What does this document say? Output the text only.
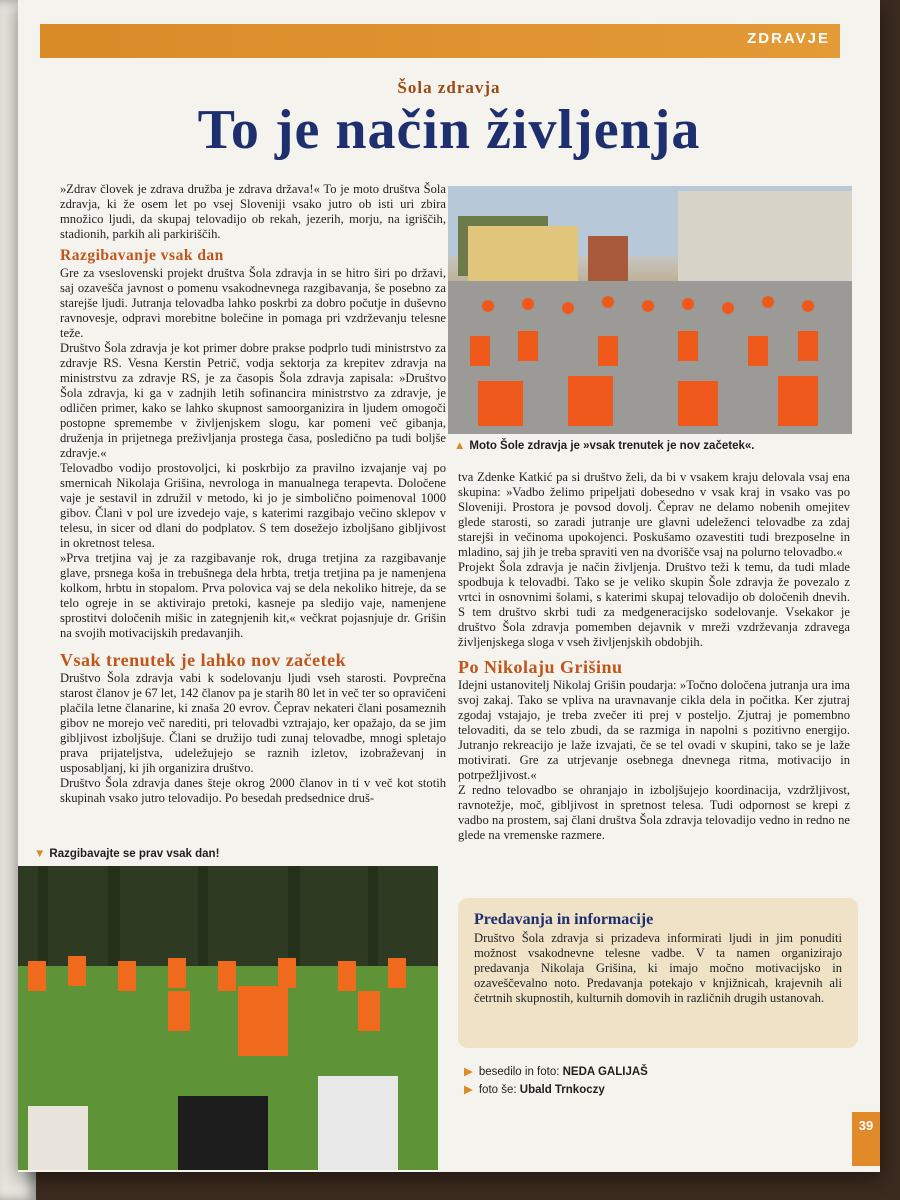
ZDRAVJE
Šola zdravja
To je način življenja

»Zdrav človek je zdrava družba je zdrava država!« To je moto društva Šola zdravja, ki že osem let po vsej Sloveniji vsako jutro ob isti uri zbira množico ljudi, da skupaj telovadijo ob rekah, jezerih, morju, na igriščih, stadionih, parkih ali parkiriščih.

Razgibavanje vsak dan

Gre za vseslovenski projekt društva Šola zdravja in se hitro širi po državi, saj ozavešča javnost o pomenu vsakodnevnega razgibavanja, še posebno za starejše ljudi. Jutranja telovadba lahko poskrbi za dobro počutje in duševno ravnovesje, odpravi morebitne bolečine in pomaga pri vzdrževanju telesne teže.

Društvo Šola zdravja je kot primer dobre prakse podprlo tudi ministrstvo za zdravje RS. Vesna Kerstin Petrič, vodja sektorja za krepitev zdravja na ministrstvu za zdravje RS, je za časopis Šola zdravja zapisala: »Društvo Šola zdravja, ki ga v zadnjih letih sofinancira ministrstvo za zdravje, je odličen primer, kako se lahko skupnost samoorganizira in ljudem omogoči postopne spremembe v življenjskem slogu, kar pomeni več gibanja, druženja in prijetnega preživljanja prostega časa, posledično pa tudi boljše zdravje.«

Telovadbo vodijo prostovoljci, ki poskrbijo za pravilno izvajanje vaj po smernicah Nikolaja Grišina, nevrologa in manualnega terapevta. Določene vaje je sestavil in združil v metodo, ki jo je simbolično poimenoval 1000 gibov. Člani v pol ure izvedejo vaje, s katerimi razgibajo večino sklepov v telesu, in sicer od dlani do podplatov. S tem dosežejo izboljšano gibljivost in okretnost telesa.

»Prva tretjina vaj je za razgibavanje rok, druga tretjina za razgibavanje glave, prsnega koša in trebušnega dela hrbta, tretja tretjina pa je namenjena kolkom, hrbtu in stopalom. Prva polovica vaj se dela nekoliko hitreje, da se telo ogreje in se aktivirajo pretoki, kasneje pa sledijo vaje, namenjene sprostitvi določenih mišic in zategnjenih kit,« večkrat pojasnjuje dr. Grišin na svojih motivacijskih predavanjih.

Vsak trenutek je lahko nov začetek

Društvo Šola zdravja vabi k sodelovanju ljudi vseh starosti. Povprečna starost članov je 67 let, 142 članov pa je starih 80 let in več ter so opravičeni plačila letne članarine, ki znaša 20 evrov. Čeprav nekateri člani posameznih gibov ne morejo več narediti, pri telovadbi vztrajajo, ker opažajo, da se jim gibljivost izboljšuje. Člani se družijo tudi zunaj telovadbe, mnogi spletajo prava prijateljstva, udeležujejo se raznih izletov, izobraževanj in usposabljanj, ki jih organizira društvo.

Društvo Šola zdravja danes šteje okrog 2000 članov in ti v več kot stotih skupinah vsako jutro telovadijo. Po besedah predsednice druš-

▲ Moto Šole zdravja je »vsak trenutek je nov začetek«.

tva Zdenke Katkić pa si društvo želi, da bi v vsakem kraju delovala vsaj ena skupina: »Vadbo želimo pripeljati dobesedno v vsak kraj in vsako vas po Sloveniji. Prostora je povsod dovolj. Čeprav ne delamo nobenih omejitev glede starosti, so zaradi jutranje ure glavni udeleženci telovadbe za zdaj starejši in večinoma upokojenci. Poskušamo ozavestiti tudi brezposelne in mladino, saj jih je treba spraviti ven na dvoriščе vsaj na polurno telovadbo.«

Projekt Šola zdravja je način življenja. Društvo teži k temu, da tudi mlade spodbuja k telovadbi. Tako se je veliko skupin Šole zdravja že povezalo z vrtci in osnovnimi šolami, s katerimi skupaj telovadijo ob določenih dnevih. S tem društvo skrbi tudi za medgeneracijsko sodelovanje. Vsekakor je društvo Šola zdravja pomemben dejavnik v mreži vzdrževanja zdravega življenjskega sloga v vseh življenjskih obdobjih.

Po Nikolaju Grišinu

Idejni ustanovitelj Nikolaj Grišin poudarja: »Točno določena jutranja ura ima svoj zakaj. Tako se vpliva na uravnavanje cikla dela in počitka. Ker zjutraj zgodaj vstajajo, je treba zvečer iti prej v posteljo. Zjutraj je pomembno telovaditi, da se telo zbudi, da se razmiga in napolni s pozitivno energijo. Jutranjo rekreacijo je laže izvajati, če se tel ovadi v skupini, tako se je laže motivirati. Gre za utrjevanje osebnega dnevnega ritma, motivacijo in potrpežljivost.«

Z redno telovadbo se ohranjajo in izboljšujejo koordinacija, vzdržljivost, ravnotežje, moč, gibljivost in spretnost telesa. Tudi odpornost se krepi z vadbo na prostem, saj člani društva Šola zdravja telovadijo vedno in redno ne glede na vremenske razmere.

▼ Razgibavajte se prav vsak dan!
Predavanja in informacije

Društvo Šola zdravja si prizadeva informirati ljudi in jim ponuditi možnost vsakodnevne telesne vadbe. V ta namen organizirajo predavanja Nikolaja Grišina, ki imajo močno motivacijsko in ozaveščevalno noto. Predavanja potekajo v knjižnicah, krajevnih ali četrtnih skupnostih, kulturnih domovih in različnih drugih ustanovah.

▶ besedilo in foto: NEDA GALIJAŠ
▶ foto še: Ubald Trnkoczy
39
